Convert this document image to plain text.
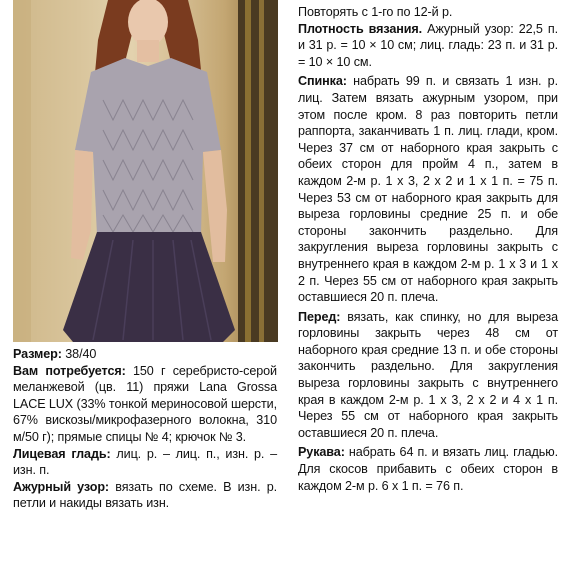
Размер: 38/40
Вам потребуется: 150 г серебристо-серой меланжевой (цв. 11) пряжи Lana Grossa LACE LUX (33% тонкой мериносовой шерсти, 67% вискозы/микрофазерного волокна, 310 м/50 г); прямые спицы № 4; крючок № 3.
Лицевая гладь: лиц. р. – лиц. п., изн. р. – изн. п.
Ажурный узор: вязать по схеме. В изн. р. петли и накиды вязать изн.
Повторять с 1-го по 12-й р.
Плотность вязания. Ажурный узор: 22,5 п. и 31 р. = 10 × 10 см; лиц. гладь: 23 п. и 31 р. = 10 × 10 см.
Спинка: набрать 99 п. и связать 1 изн. р. лиц. Затем вязать ажурным узором, при этом после кром. 8 раз повторить петли раппорта, заканчивать 1 п. лиц. глади, кром. Через 37 см от наборного края закрыть с обеих сторон для пройм 4 п., затем в каждом 2-м р. 1 x 3, 2 x 2 и 1 x 1 п. = 75 п. Через 53 см от наборного края закрыть для выреза горловины средние 25 п. и обе стороны закончить раздельно. Для закругления выреза горловины закрыть с внутреннего края в каждом 2-м р. 1 x 3 и 1 x 2 п. Через 55 см от наборного края закрыть оставшиеся 20 п. плеча.
Перед: вязать, как спинку, но для выреза горловины закрыть через 48 см от наборного края средние 13 п. и обе стороны закончить раздельно. Для закругления выреза горловины закрыть с внутреннего края в каждом 2-м р. 1 x 3, 2 x 2 и 4 x 1 п. Через 55 см от наборного края закрыть оставшиеся 20 п. плеча.
Рукава: набрать 64 п. и вязать лиц. гладью. Для скосов прибавить с обеих сторон в каждом 2-м р. 6 x 1 п. = 76 п.
